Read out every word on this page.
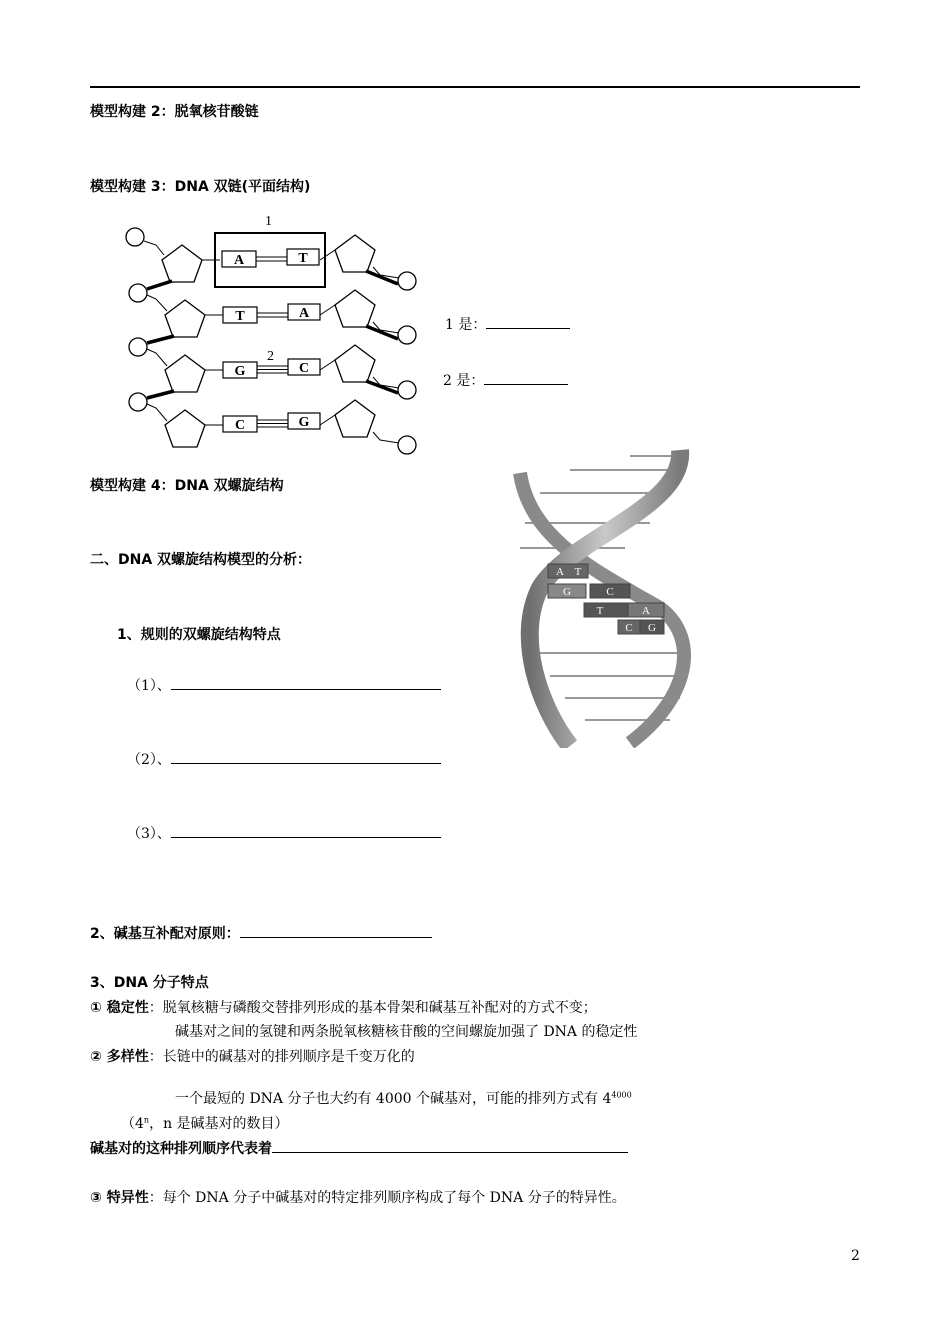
模型构建 2：脱氧核苷酸链
模型构建 3：DNA 双链(平面结构)
1
2
A	T
T	A
G	C
C	G
1 是：
2 是：
模型构建 4：DNA 双螺旋结构
A T
G	C
T	A
C G
二、DNA 双螺旋结构模型的分析：
1、规则的双螺旋结构特点
（1）、
（2）、
（3）、
2、碱基互补配对原则：
3、DNA 分子特点
① 稳定性：脱氧核糖与磷酸交替排列形成的基本骨架和碱基互补配对的方式不变；
碱基对之间的氢键和两条脱氧核糖核苷酸的空间螺旋加强了 DNA 的稳定性
② 多样性：长链中的碱基对的排列顺序是千变万化的
一个最短的 DNA 分子也大约有 4000 个碱基对，可能的排列方式有 $4^{4000}$
（4$^n$，n 是碱基对的数目）
碱基对的这种排列顺序代表着
③ 特异性：每个 DNA 分子中碱基对的特定排列顺序构成了每个 DNA 分子的特异性。
2
